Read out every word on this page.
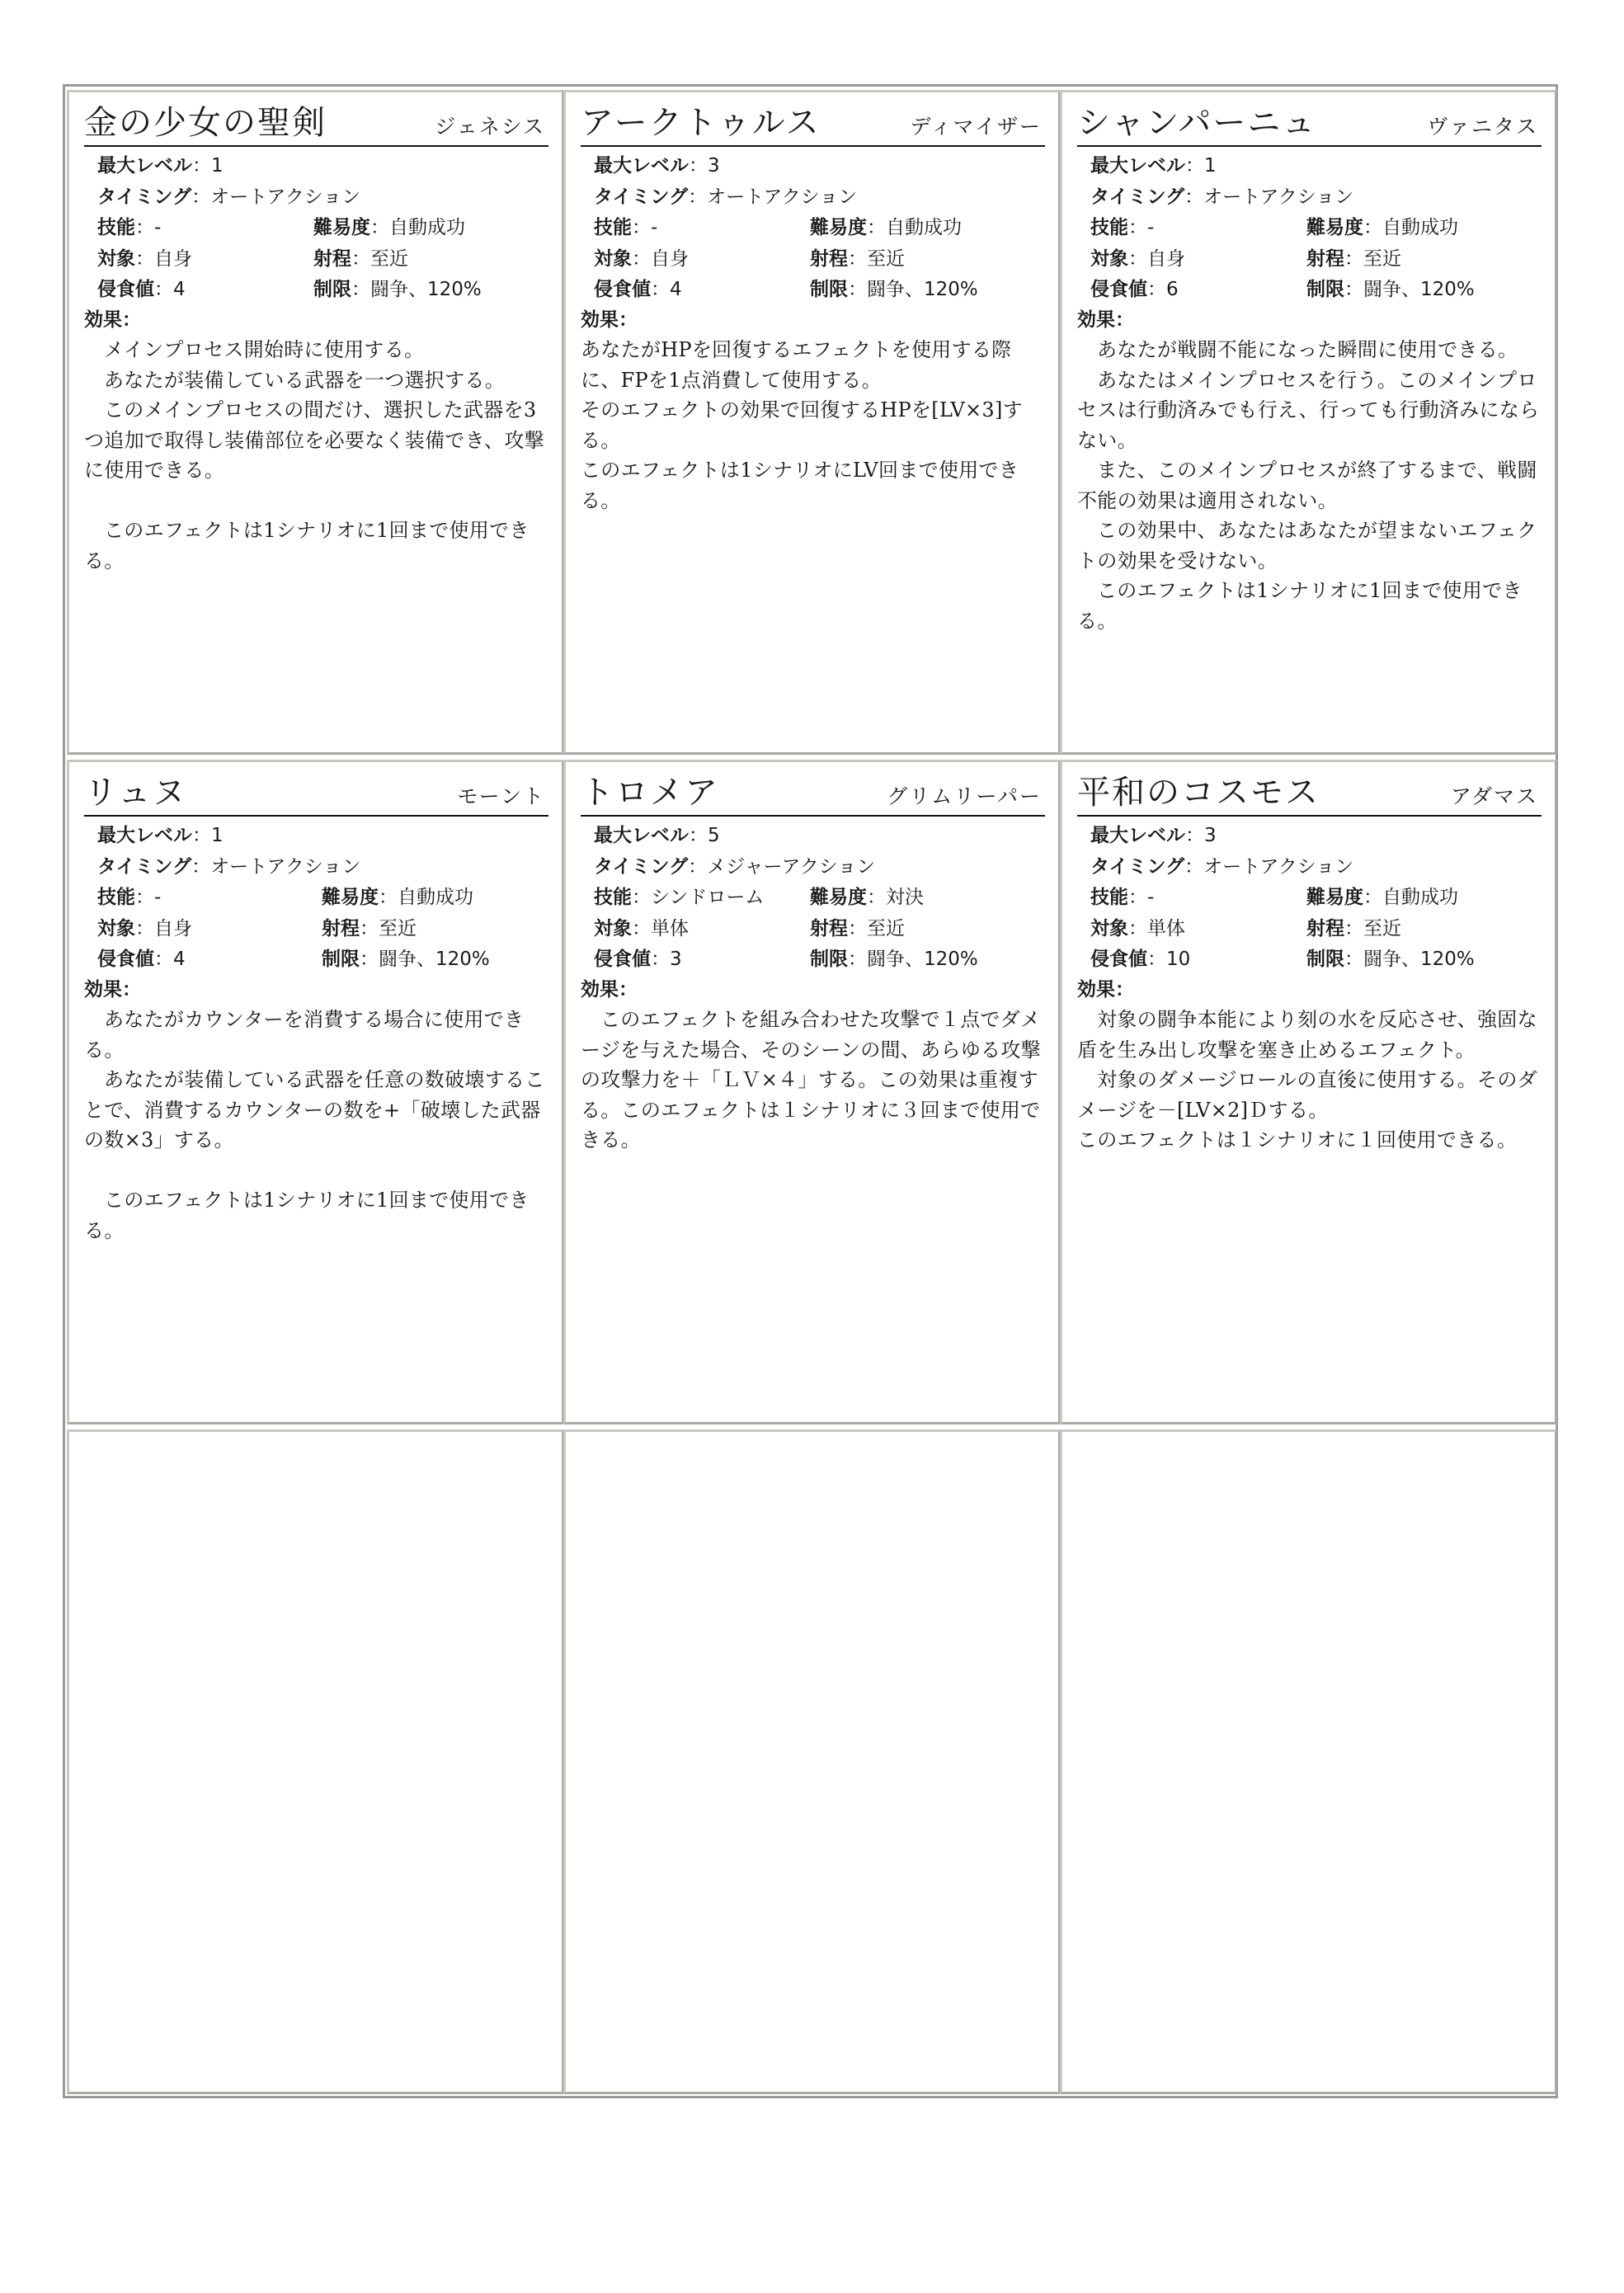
金の少女の聖剣	ジェネシス
最大レベル：1
タイミング：オートアクション
技能：-	難易度：自動成功
対象：自身	射程：至近
侵食値：4	制限：闘争、120%
効果：

メインプロセス開始時に使用する。

あなたが装備している武器を一つ選択する。

このメインプロセスの間だけ、選択した武器を3つ追加で取得し装備部位を必要なく装備でき、攻撃に使用できる。

このエフェクトは1シナリオに1回まで使用できる。

アークトゥルス	ディマイザー
最大レベル：3
タイミング：オートアクション
技能：-	難易度：自動成功
対象：自身	射程：至近
侵食値：4	制限：闘争、120%
効果：

あなたがHPを回復するエフェクトを使用する際に、FPを1点消費して使用する。

そのエフェクトの効果で回復するHPを[LV×3]する。

このエフェクトは1シナリオにLV回まで使用できる。

シャンパーニュ	ヴァニタス
最大レベル：1
タイミング：オートアクション
技能：-	難易度：自動成功
対象：自身	射程：至近
侵食値：6	制限：闘争、120%
効果：

あなたが戦闘不能になった瞬間に使用できる。

あなたはメインプロセスを行う。このメインプロセスは行動済みでも行え、行っても行動済みにならない。

また、このメインプロセスが終了するまで、戦闘不能の効果は適用されない。

この効果中、あなたはあなたが望まないエフェクトの効果を受けない。

このエフェクトは1シナリオに1回まで使用できる。

リュヌ	モーント
最大レベル：1
タイミング：オートアクション
技能：-	難易度：自動成功
対象：自身	射程：至近
侵食値：4	制限：闘争、120%
効果：

あなたがカウンターを消費する場合に使用できる。

あなたが装備している武器を任意の数破壊することで、消費するカウンターの数を+「破壊した武器の数×3」する。

このエフェクトは1シナリオに1回まで使用できる。

トロメア	グリムリーパー
最大レベル：5
タイミング：メジャーアクション
技能：シンドローム	難易度：対決
対象：単体	射程：至近
侵食値：3	制限：闘争、120%
効果：

このエフェクトを組み合わせた攻撃で１点でダメージを与えた場合、そのシーンの間、あらゆる攻撃の攻撃力を＋「ＬＶ×４」する。この効果は重複する。このエフェクトは１シナリオに３回まで使用できる。

平和のコスモス	アダマス
最大レベル：3
タイミング：オートアクション
技能：-	難易度：自動成功
対象：単体	射程：至近
侵食値：10	制限：闘争、120%
効果：

対象の闘争本能により刻の水を反応させ、強固な盾を生み出し攻撃を塞き止めるエフェクト。

　対象のダメージロールの直後に使用する。そのダメージを－[LV×2]Ｄする。

このエフェクトは１シナリオに１回使用できる。
